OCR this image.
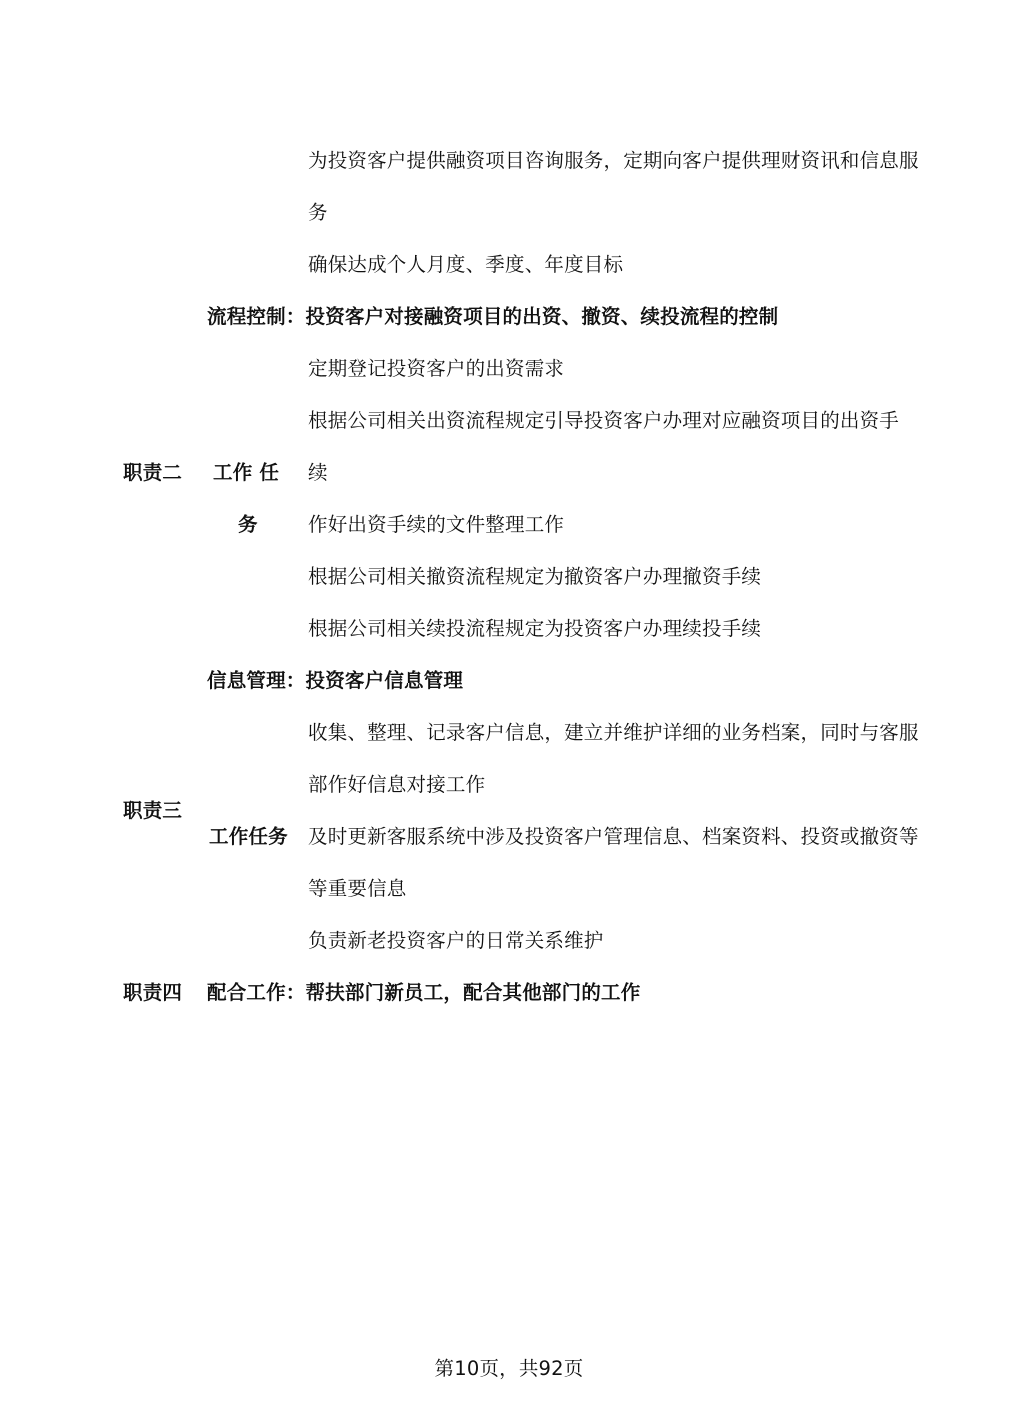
为投资客户提供融资项目咨询服务，定期向客户提供理财资讯和信息服
务
确保达成个人月度、季度、年度目标
流程控制：投资客户对接融资项目的出资、撤资、续投流程的控制
定期登记投资客户的出资需求
根据公司相关出资流程规定引导投资客户办理对应融资项目的出资手
职责二 工作 任 续
务	作好出资手续的文件整理工作
根据公司相关撤资流程规定为撤资客户办理撤资手续
根据公司相关续投流程规定为投资客户办理续投手续
信息管理：投资客户信息管理
收集、整理、记录客户信息，建立并维护详细的业务档案，同时与客服
部作好信息对接工作
职责三
工作任务 及时更新客服系统中涉及投资客户管理信息、档案资料、投资或撤资等
等重要信息
负责新老投资客户的日常关系维护
职责四 配合工作：帮扶部门新员工，配合其他部门的工作
第10页，共92页
